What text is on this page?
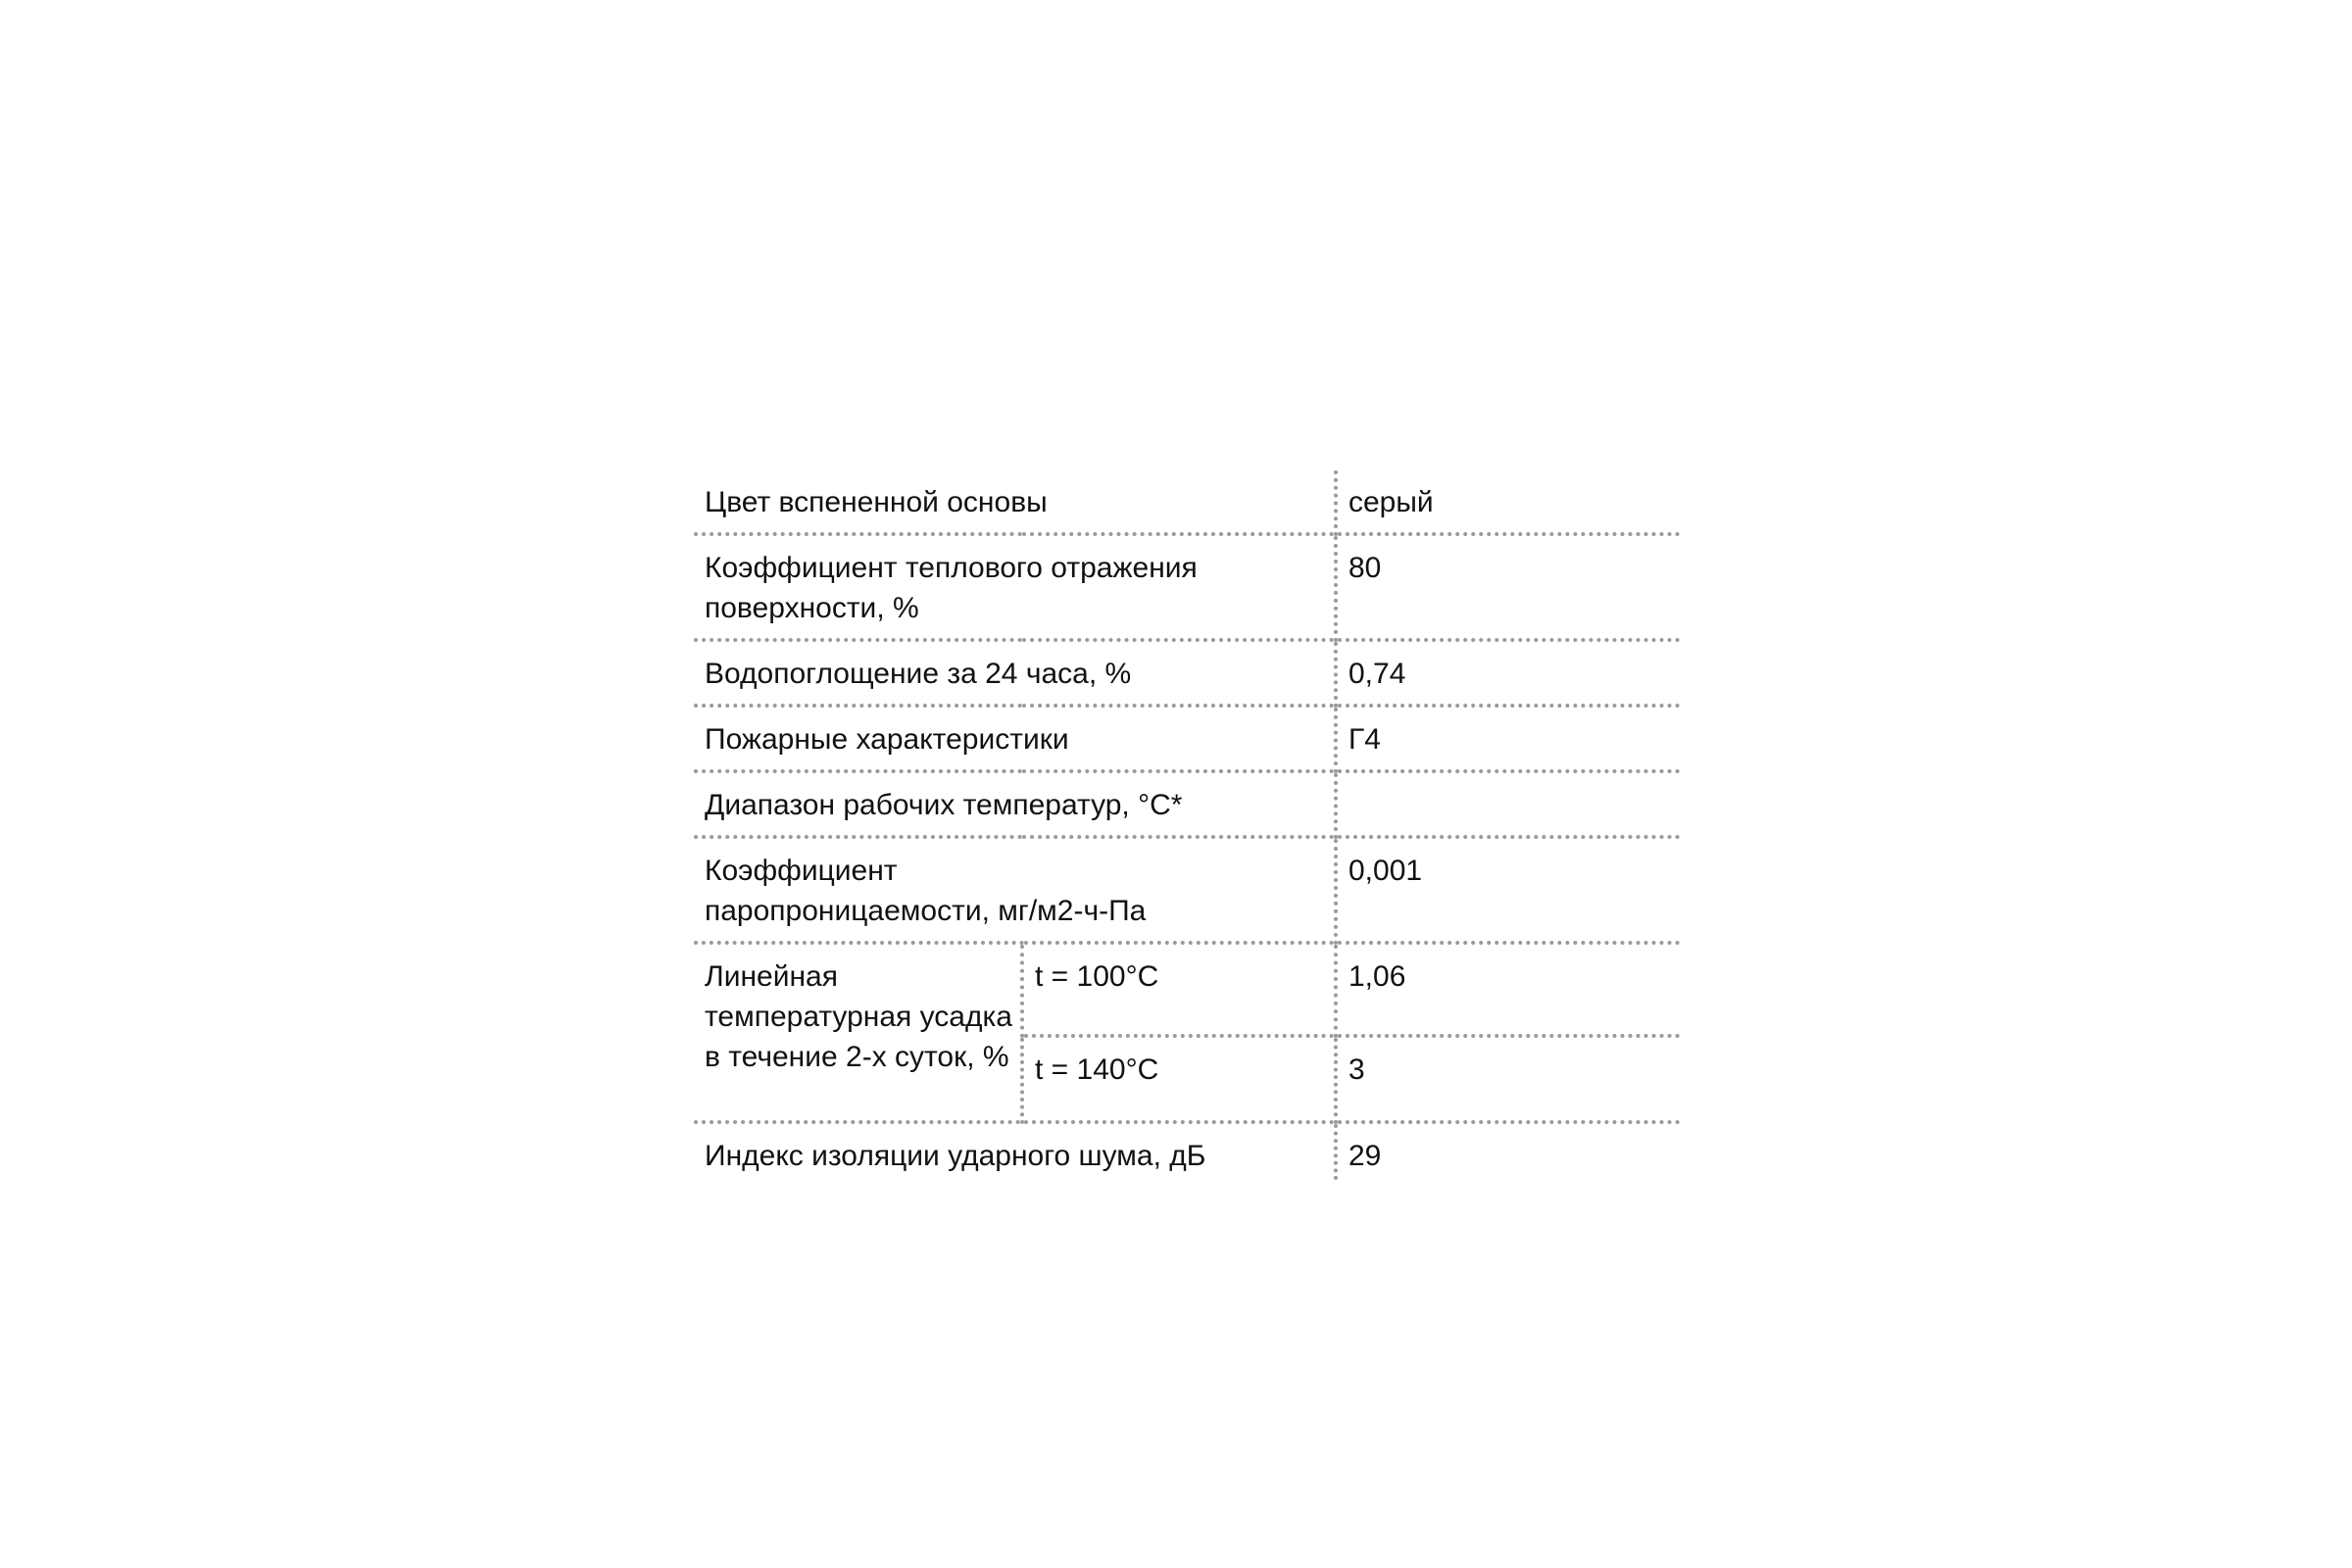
Цвет вспененной основы		серый
Коэффициент теплового отражения поверхности, %		80
Водопоглощение за 24 часа, %		0,74
Пожарные характеристики		Г4
Диапазон рабочих температур, °С*		
Коэффициент паропроницаемости, мг/м2-ч-Па		0,001
Линейная температурная усадка в течение 2-х суток, %	t = 100°C	1,06
	t = 140°C	3
Индекс изоляции ударного шума, дБ		29
